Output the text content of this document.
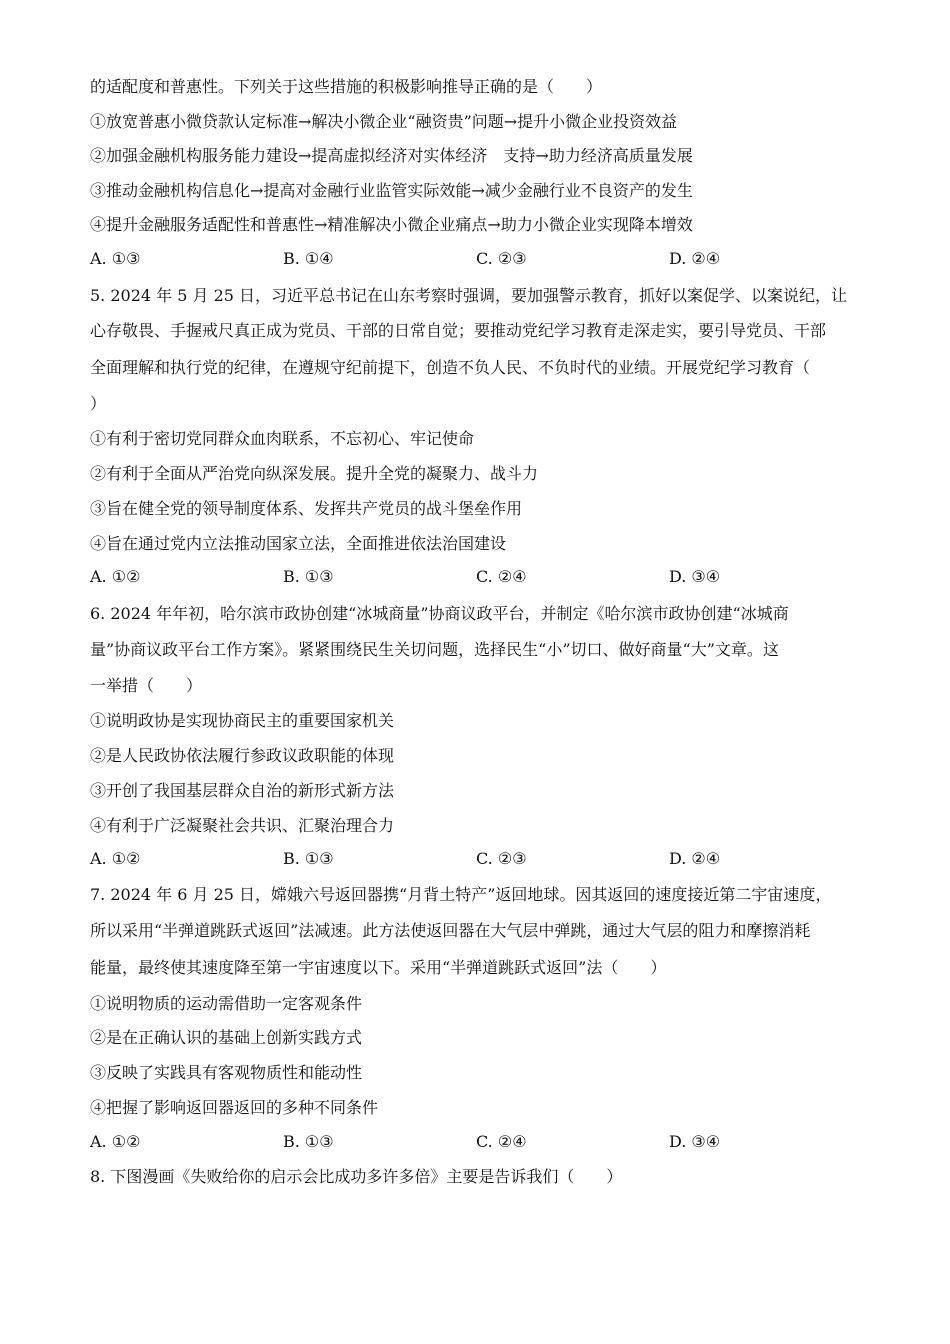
的适配度和普惠性。下列关于这些措施的积极影响推导正确的是（　　）
①放宽普惠小微贷款认定标准→解决小微企业“融资贵”问题→提升小微企业投资效益
②加强金融机构服务能力建设→提高虚拟经济对实体经济　支持→助力经济高质量发展
③推动金融机构信息化→提高对金融行业监管实际效能→减少金融行业不良资产的发生
④提升金融服务适配性和普惠性→精准解决小微企业痛点→助力小微企业实现降本增效
A. ①③	B. ①④	C. ②③	D. ②④
5. 2024 年 5 月 25 日，习近平总书记在山东考察时强调，要加强警示教育，抓好以案促学、以案说纪，让
心存敬畏、手握戒尺真正成为党员、干部的日常自觉；要推动党纪学习教育走深走实，要引导党员、干部
全面理解和执行党的纪律，在遵规守纪前提下，创造不负人民、不负时代的业绩。开展党纪学习教育（
）
①有利于密切党同群众血肉联系，不忘初心、牢记使命
②有利于全面从严治党向纵深发展。提升全党的凝聚力、战斗力
③旨在健全党的领导制度体系、发挥共产党员的战斗堡垒作用
④旨在通过党内立法推动国家立法，全面推进依法治国建设
A. ①②	B. ①③	C. ②④	D. ③④
6. 2024 年年初，哈尔滨市政协创建“冰城商量”协商议政平台，并制定《哈尔滨市政协创建“冰城商
量”协商议政平台工作方案》。紧紧围绕民生关切问题，选择民生“小”切口、做好商量“大”文章。这
一举措（　　）
①说明政协是实现协商民主的重要国家机关
②是人民政协依法履行参政议政职能的体现
③开创了我国基层群众自治的新形式新方法
④有利于广泛凝聚社会共识、汇聚治理合力
A. ①②	B. ①③	C. ②③	D. ②④
7. 2024 年 6 月 25 日，嫦娥六号返回器携“月背土特产”返回地球。因其返回的速度接近第二宇宙速度，
所以采用“半弹道跳跃式返回”法减速。此方法使返回器在大气层中弹跳，通过大气层的阻力和摩擦消耗
能量，最终使其速度降至第一宇宙速度以下。采用“半弹道跳跃式返回”法（　　）
①说明物质的运动需借助一定客观条件
②是在正确认识的基础上创新实践方式
③反映了实践具有客观物质性和能动性
④把握了影响返回器返回的多种不同条件
A. ①②	B. ①③	C. ②④	D. ③④
8. 下图漫画《失败给你的启示会比成功多许多倍》主要是告诉我们（　　）
